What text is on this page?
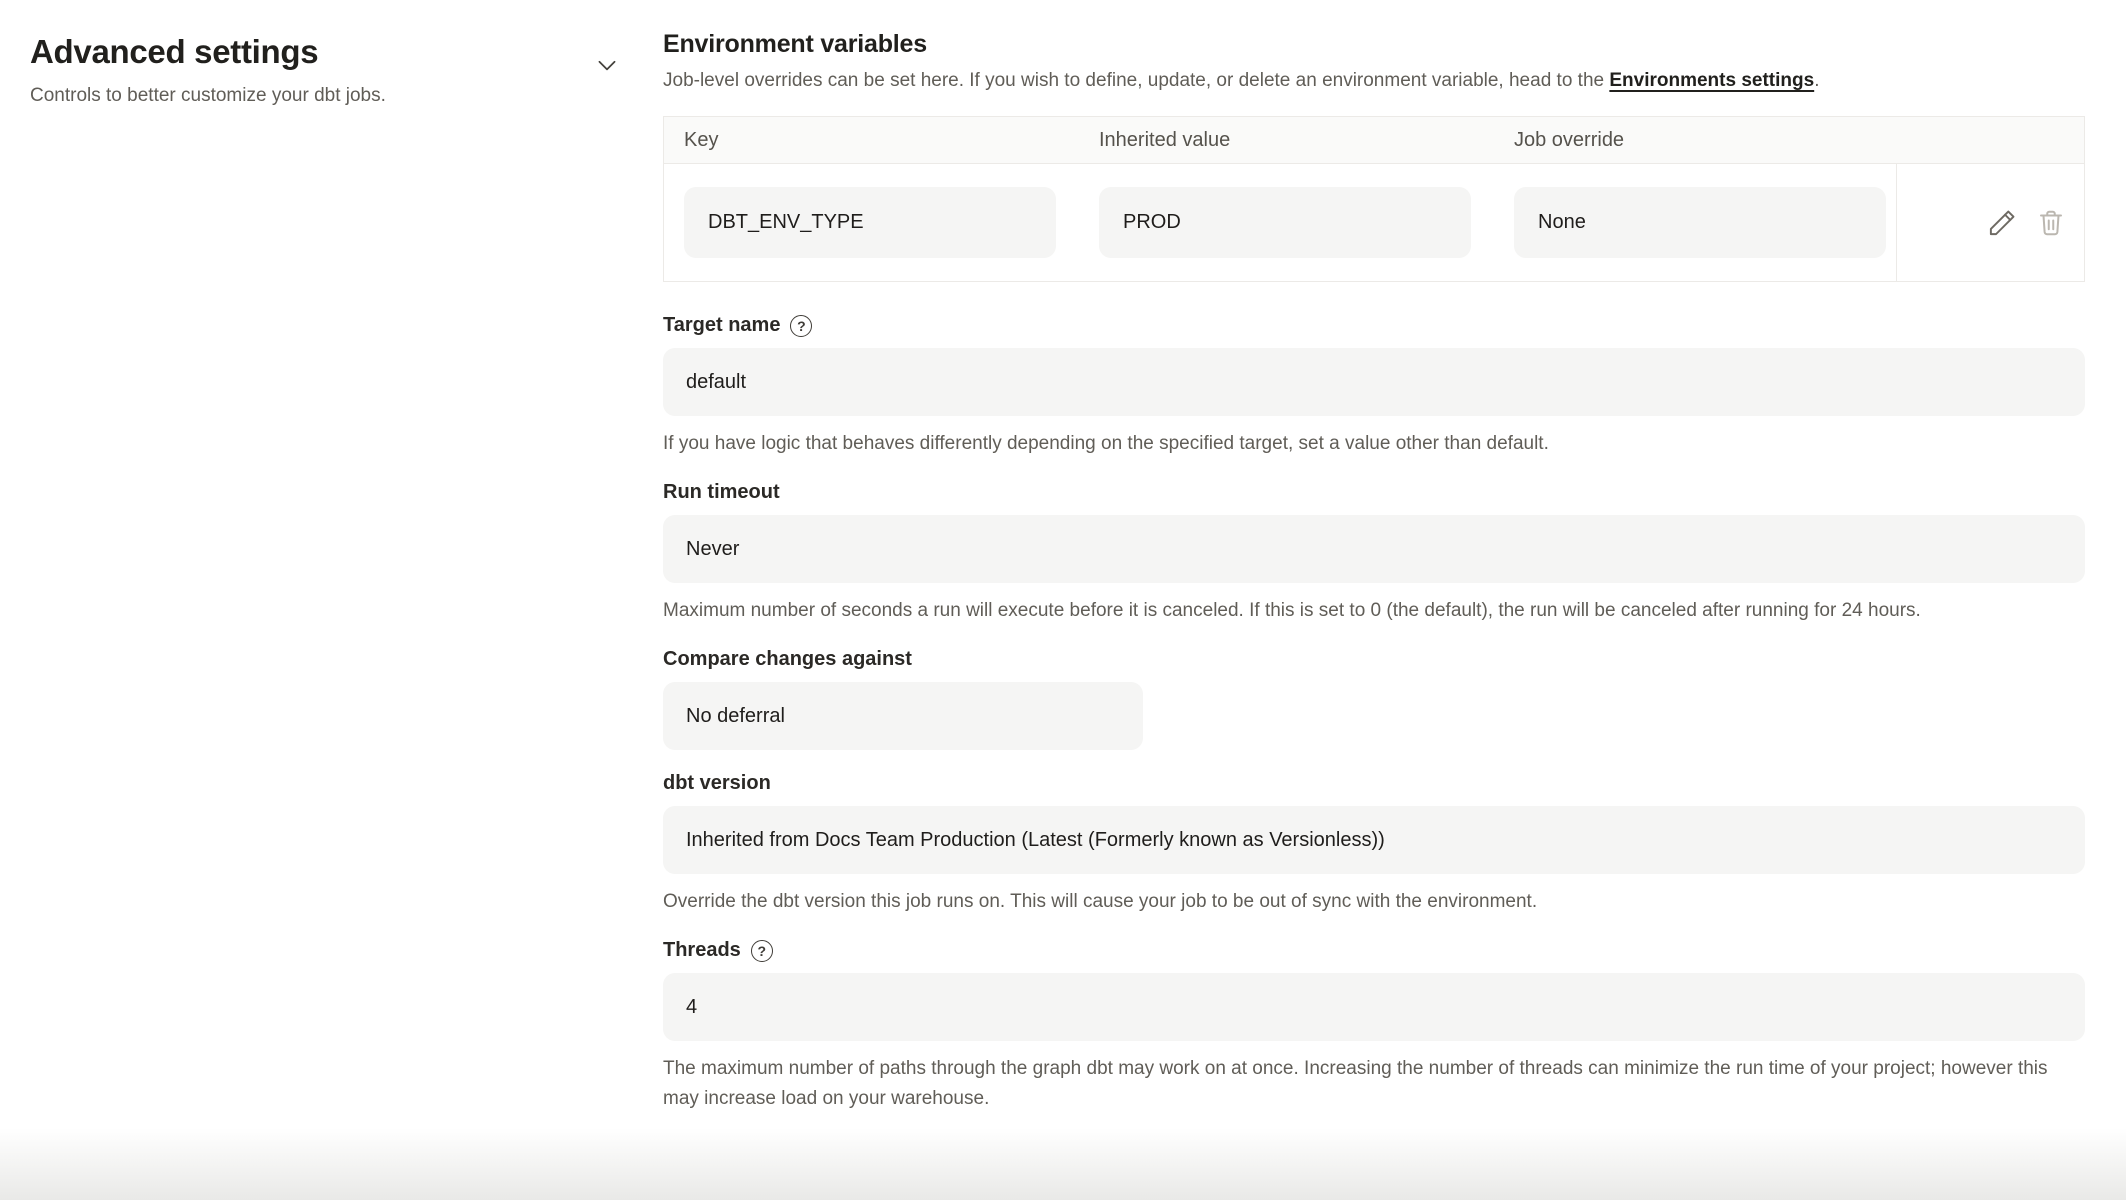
Advanced settings
Controls to better customize your dbt jobs.
Environment variables
Job-level overrides can be set here. If you wish to define, update, or delete an environment variable, head to the Environments settings.
Key	Inherited value	Job override
DBT_ENV_TYPE	PROD	None
Target name	?
default
If you have logic that behaves differently depending on the specified target, set a value other than default.
Run timeout
Never
Maximum number of seconds a run will execute before it is canceled. If this is set to 0 (the default), the run will be canceled after running for 24 hours.
Compare changes against
No deferral
dbt version
Inherited from Docs Team Production (Latest (Formerly known as Versionless))
Override the dbt version this job runs on. This will cause your job to be out of sync with the environment.
Threads	?
4
The maximum number of paths through the graph dbt may work on at once. Increasing the number of threads can minimize the run time of your project; however this may increase load on your warehouse.
